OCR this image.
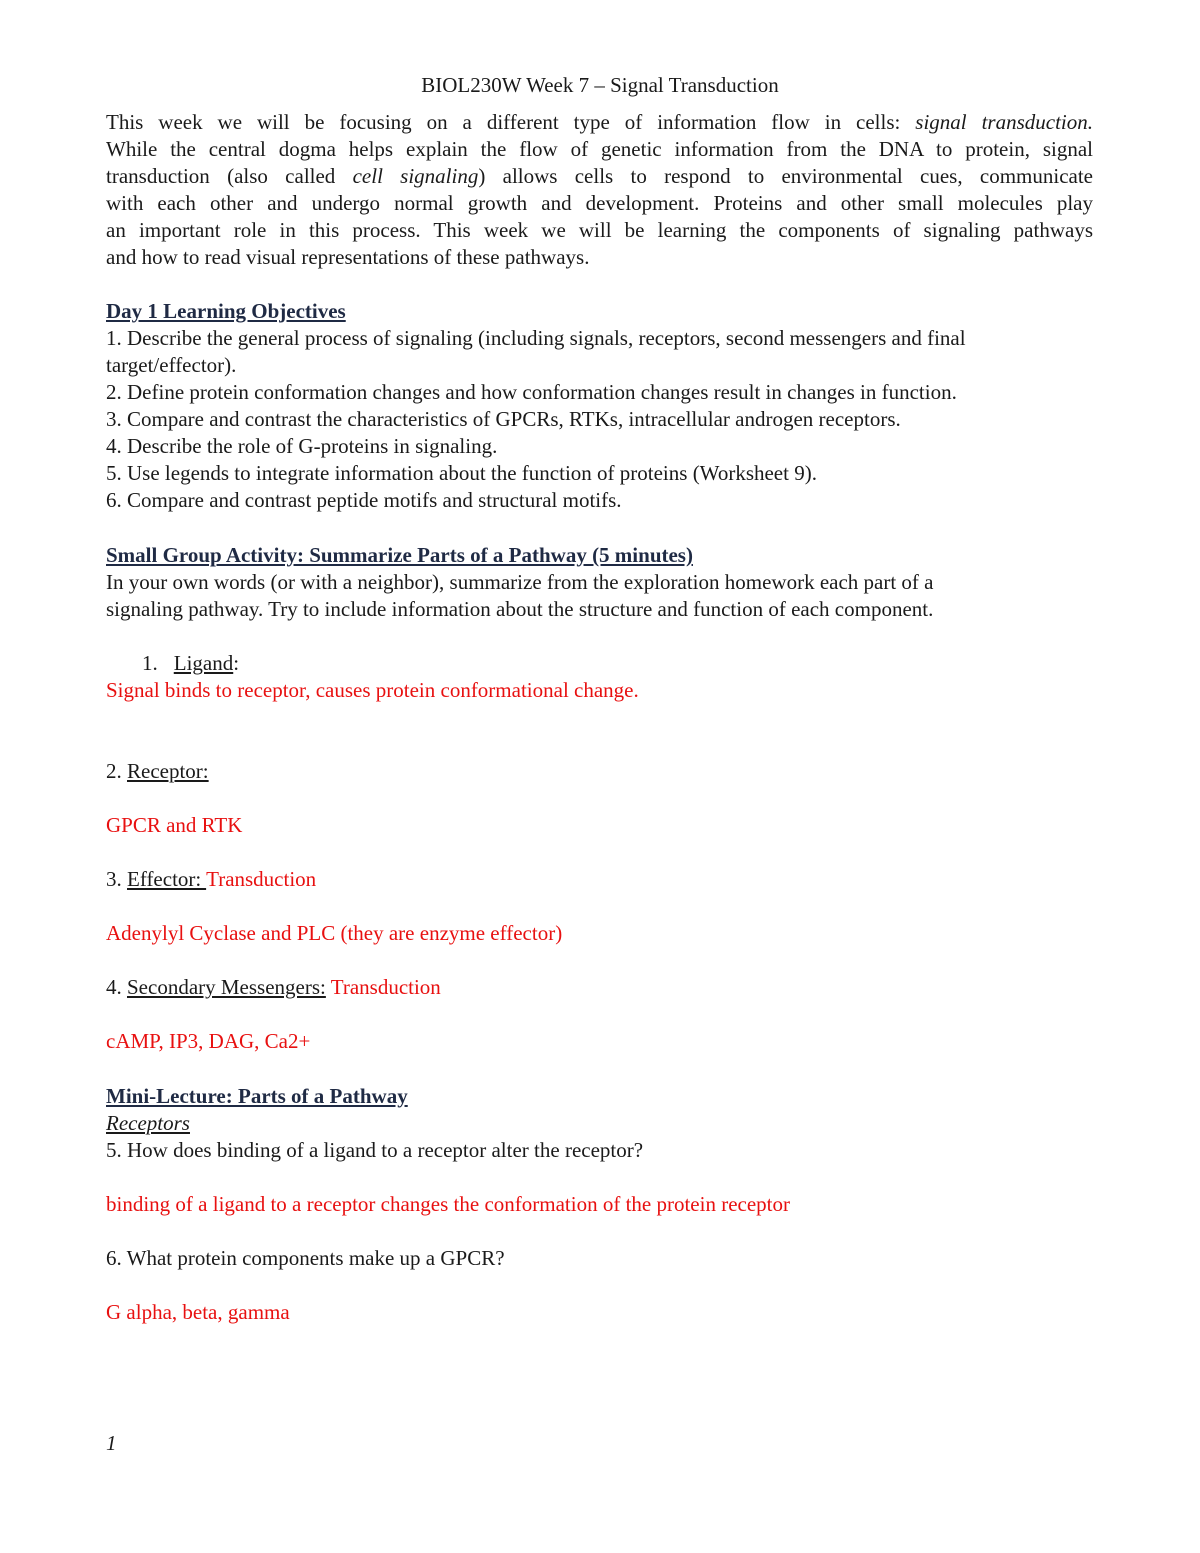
BIOL230W Week 7 – Signal Transduction
This week we will be focusing on a different type of information flow in cells: signal transduction.
While the central dogma helps explain the flow of genetic information from the DNA to protein, signal
transduction (also called cell signaling) allows cells to respond to environmental cues, communicate
with each other and undergo normal growth and development. Proteins and other small molecules play
an important role in this process. This week we will be learning the components of signaling pathways
and how to read visual representations of these pathways.
Day 1 Learning Objectives
1. Describe the general process of signaling (including signals, receptors, second messengers and final
target/effector).
2. Define protein conformation changes and how conformation changes result in changes in function.
3. Compare and contrast the characteristics of GPCRs, RTKs, intracellular androgen receptors.
4. Describe the role of G-proteins in signaling.
5. Use legends to integrate information about the function of proteins (Worksheet 9).
6. Compare and contrast peptide motifs and structural motifs.
Small Group Activity: Summarize Parts of a Pathway (5 minutes)
In your own words (or with a neighbor), summarize from the exploration homework each part of a
signaling pathway. Try to include information about the structure and function of each component.
1. Ligand:
Signal binds to receptor, causes protein conformational change.
2. Receptor:
GPCR and RTK
3. Effector: Transduction
Adenylyl Cyclase and PLC (they are enzyme effector)
4. Secondary Messengers: Transduction
cAMP, IP3, DAG, Ca2+
Mini-Lecture: Parts of a Pathway
Receptors
5. How does binding of a ligand to a receptor alter the receptor?
binding of a ligand to a receptor changes the conformation of the protein receptor
6. What protein components make up a GPCR?
G alpha, beta, gamma
1
